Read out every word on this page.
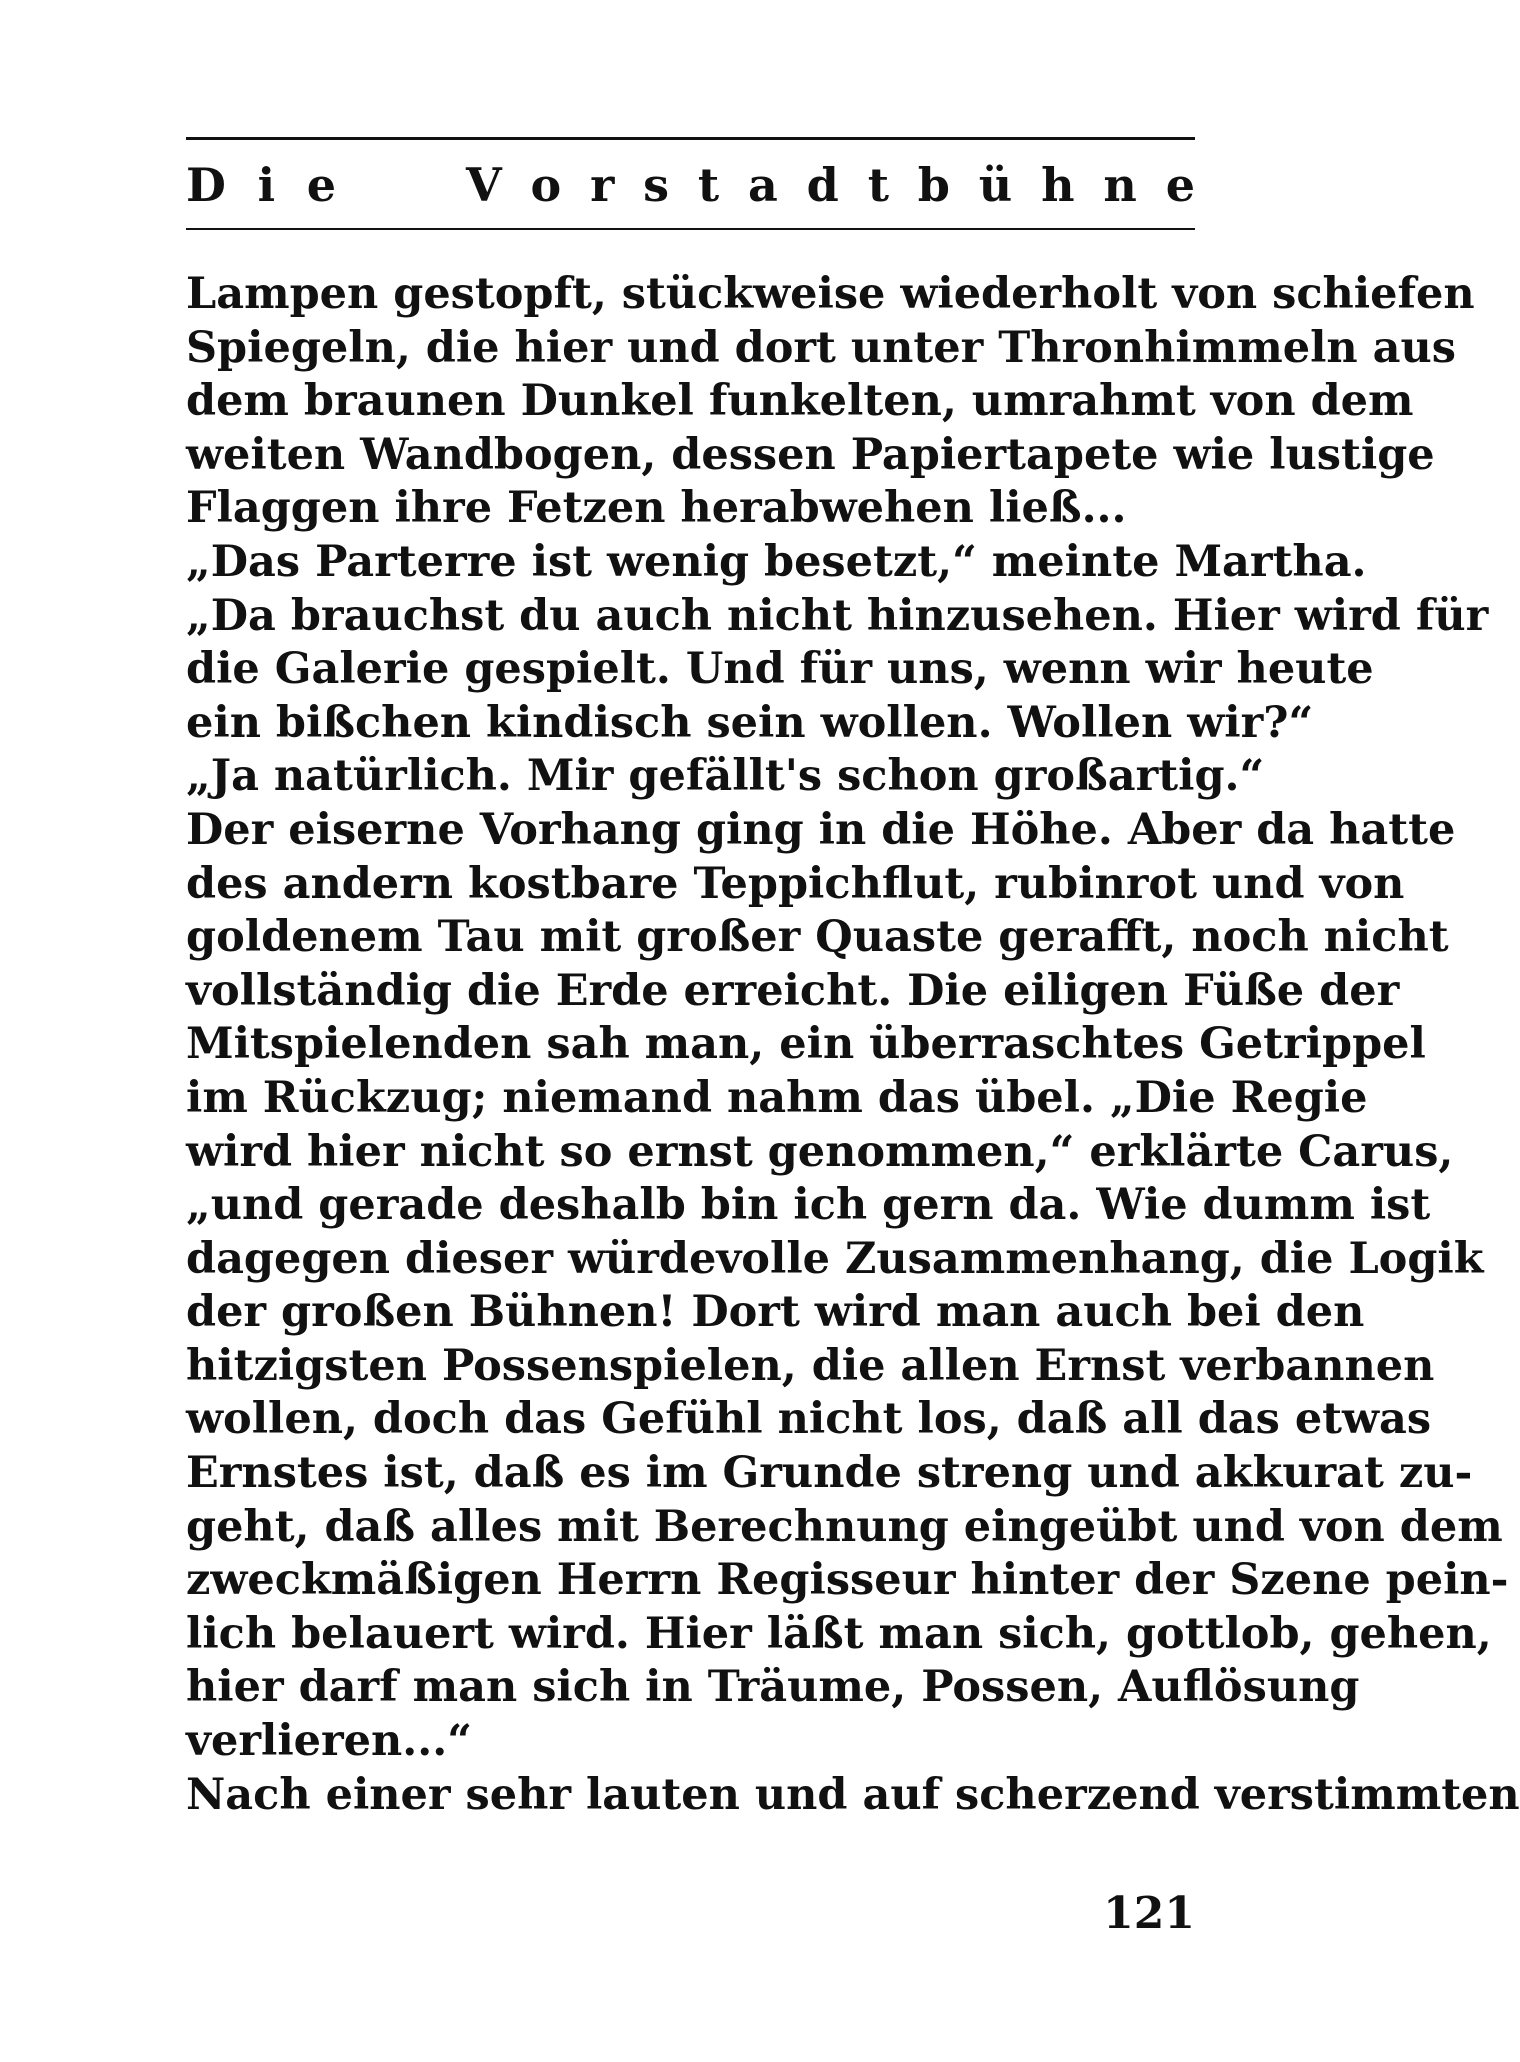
D i e	V o r s t a d t b ü h n e
Lampen gestopft, stückweise wiederholt von schiefen
Spiegeln, die hier und dort unter Thronhimmeln aus
dem braunen Dunkel funkelten, umrahmt von dem
weiten Wandbogen, dessen Papiertapete wie lustige
Flaggen ihre Fetzen herabwehen ließ...
„Das Parterre ist wenig besetzt,“ meinte Martha.
„Da brauchst du auch nicht hinzusehen. Hier wird für
die Galerie gespielt. Und für uns, wenn wir heute
ein bißchen kindisch sein wollen. Wollen wir?“
„Ja natürlich. Mir gefällt's schon großartig.“
Der eiserne Vorhang ging in die Höhe. Aber da hatte
des andern kostbare Teppichflut, rubinrot und von
goldenem Tau mit großer Quaste gerafft, noch nicht
vollständig die Erde erreicht. Die eiligen Füße der
Mitspielenden sah man, ein überraschtes Getrippel
im Rückzug; niemand nahm das übel. „Die Regie
wird hier nicht so ernst genommen,“ erklärte Carus,
„und gerade deshalb bin ich gern da. Wie dumm ist
dagegen dieser würdevolle Zusammenhang, die Logik
der großen Bühnen! Dort wird man auch bei den
hitzigsten Possenspielen, die allen Ernst verbannen
wollen, doch das Gefühl nicht los, daß all das etwas
Ernstes ist, daß es im Grunde streng und akkurat zu-
geht, daß alles mit Berechnung eingeübt und von dem
zweckmäßigen Herrn Regisseur hinter der Szene pein-
lich belauert wird. Hier läßt man sich, gottlob, gehen,
hier darf man sich in Träume, Possen, Auflösung
verlieren...“
Nach einer sehr lauten und auf scherzend verstimmten
121
